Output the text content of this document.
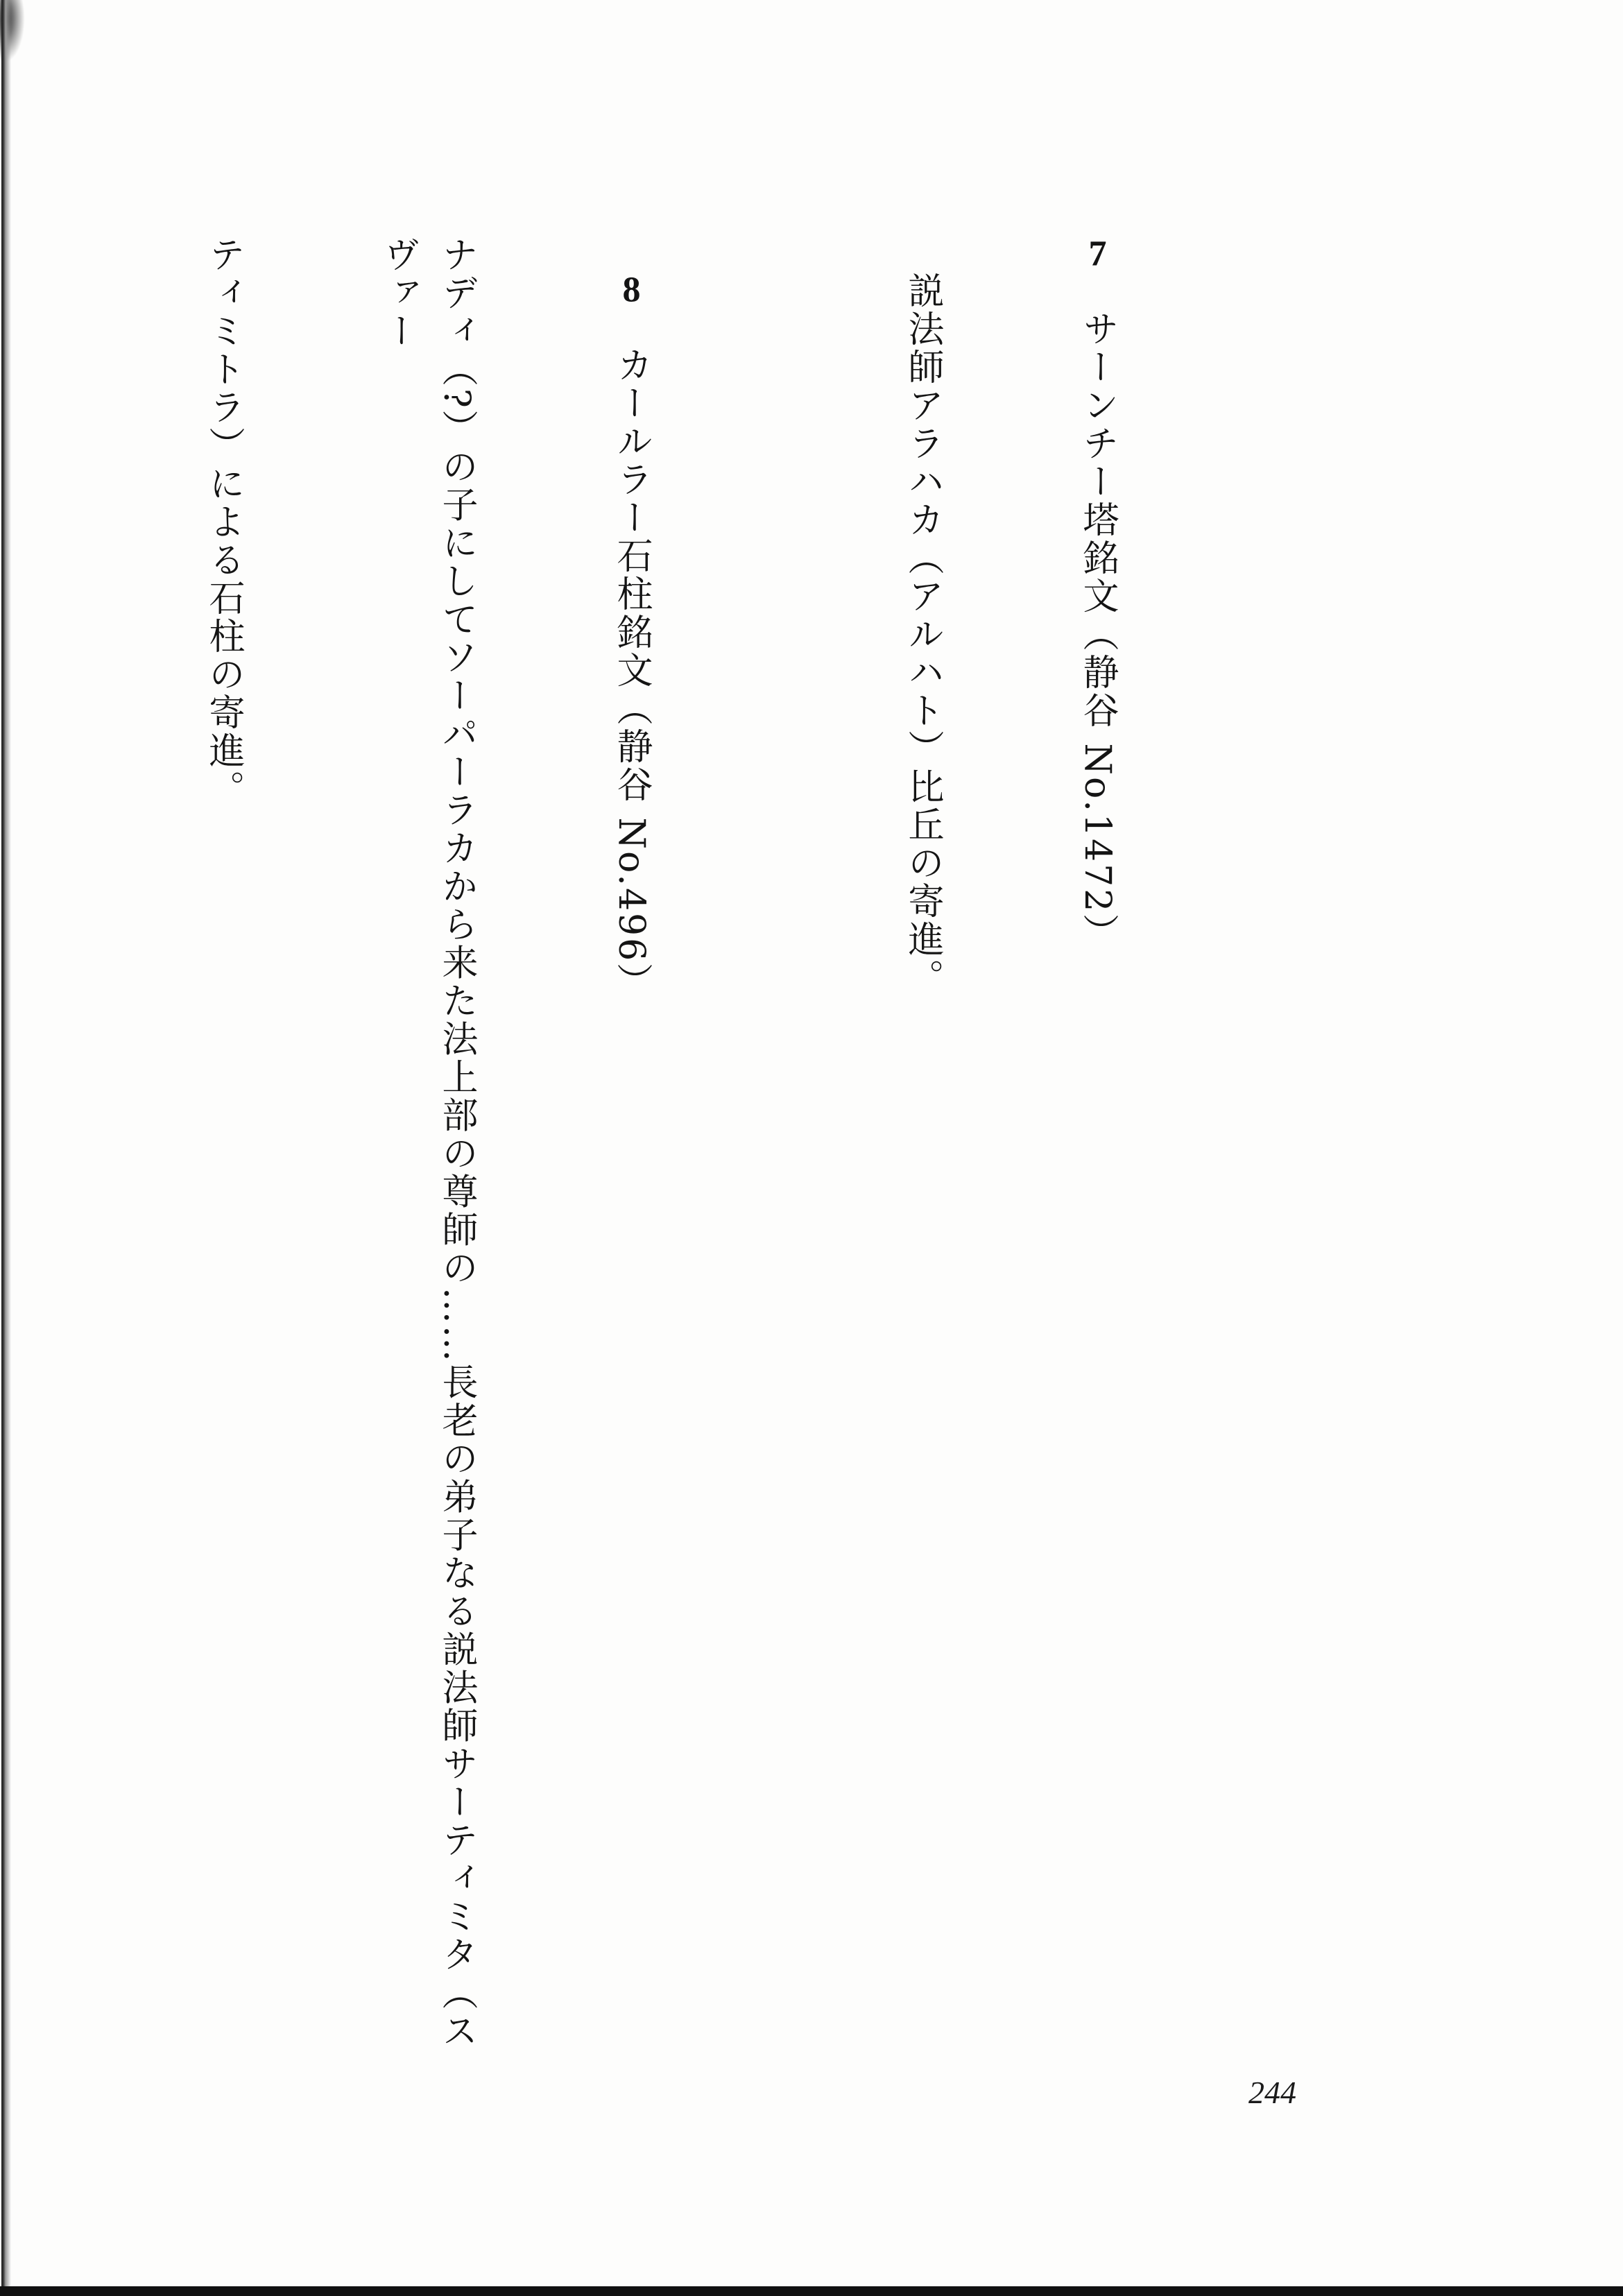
7　サーンチー塔銘文（静谷 No.1472）

説法師アラハカ（アルハト）比丘の寄進。

8　カールラー石柱銘文（静谷 No.496）

ナディ（?）の子にしてソーパーラカから来た法上部の尊師の……長老の弟子なる説法師サーティミタ（スヴァー

ティミトラ）による石柱の寄進。

244
